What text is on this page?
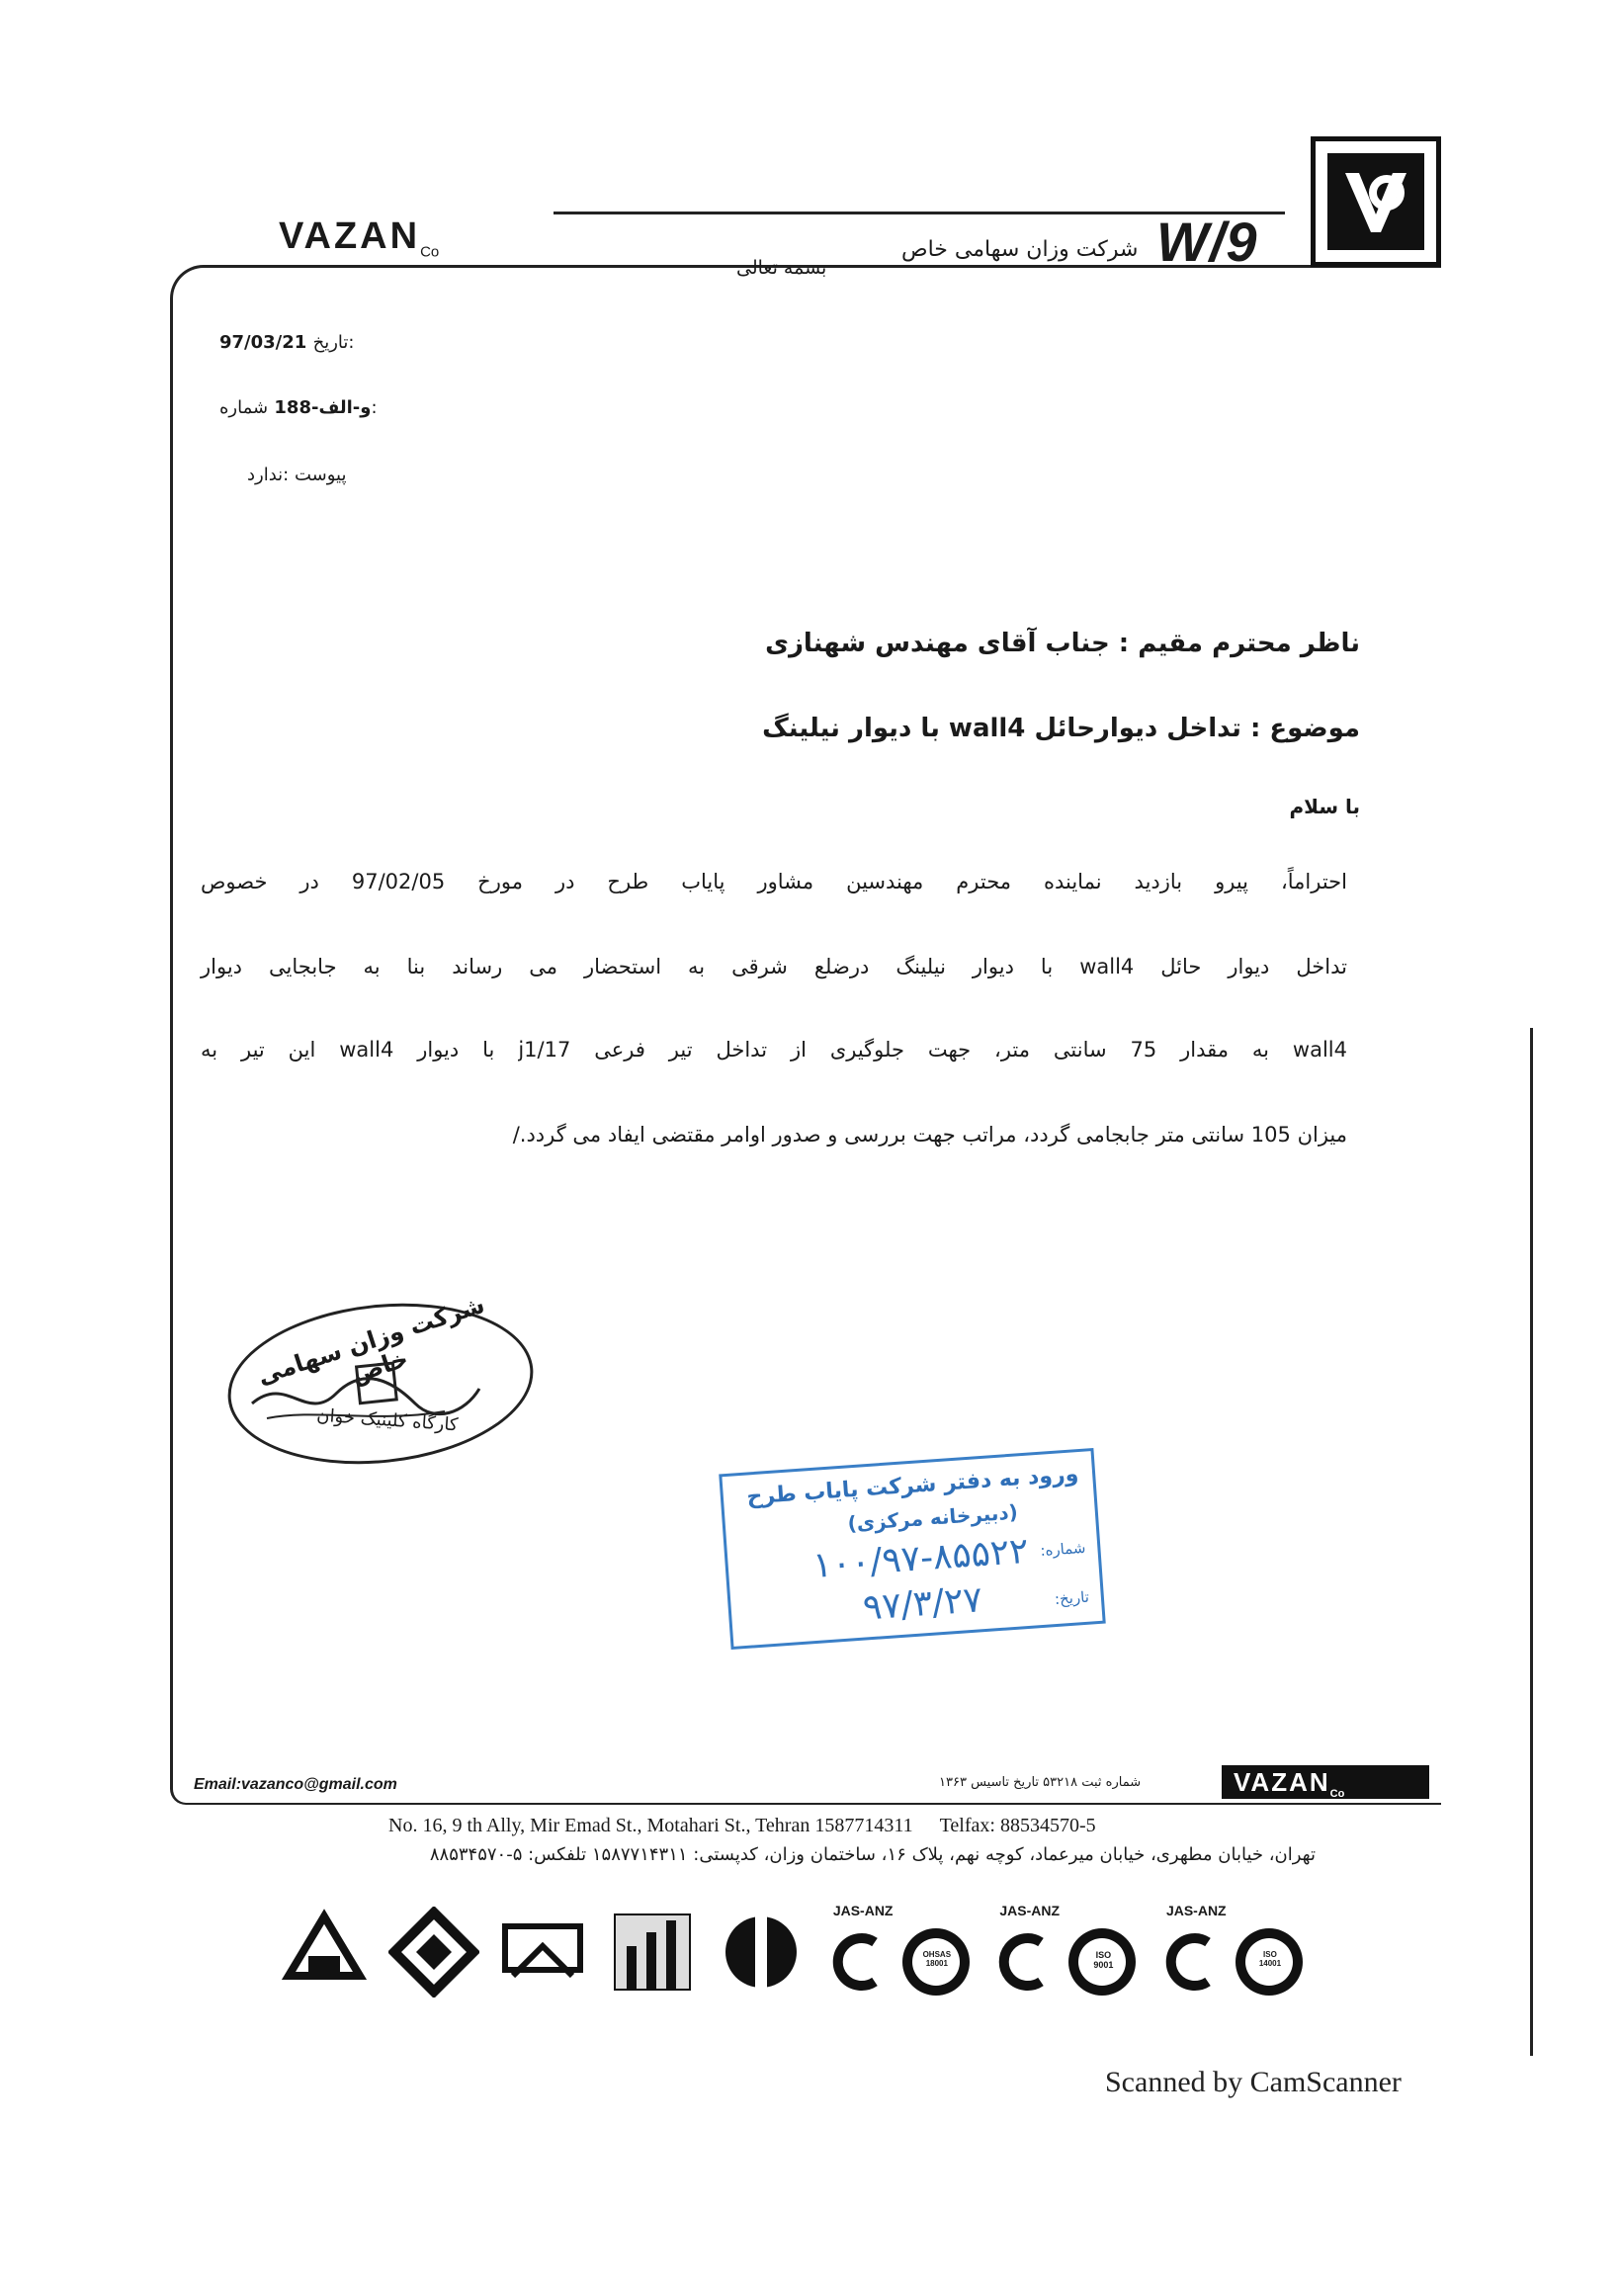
$VAZAN_{Co}$	شرکت وزان سهامی خاص W/9
بسمه تعالی
97/03/21 تاریخ:
و-الف-188 شماره:
پیوست :ندارد
ناظر محترم مقیم : جناب آقای مهندس شهنازی
موضوع : تداخل دیوارحائل wall4 با دیوار نیلینگ
با سلام
احتراماً، پیرو بازدید نماینده محترم مهندسین مشاور پایاب طرح در مورخ 97/02/05 در خصوص
تداخل دیوار حائل wall4 با دیوار نیلینگ درضلع شرقی به استحضار می رساند بنا به جابجایی دیوار
wall4 به مقدار 75 سانتی متر، جهت جلوگیری از تداخل تیر فرعی j1/17 با دیوار wall4 این تیر به
میزان 105 سانتی متر جابجامی گردد، مراتب جهت بررسی و صدور اوامر مقتضی ایفاد می گردد./
شرکت وزان سهامی خاص
کارگاه کلینیک خوان
ورود به دفتر شرکت پایاب طرح
(دبیرخانه مرکزی)
شماره:
۱۰۰/۹۷-۸۵۵۲۲
تاریخ:
۹۷/۳/۲۷
Email:vazanco@gmail.com	شماره ثبت ۵۳۲۱۸ تاریخ تاسیس ۱۳۶۳	$VAZAN_{Co}$
No. 16, 9 th Ally, Mir Emad St., Motahari St., Tehran 1587714311 Telfax: 88534570-5
تهران، خیابان مطهری، خیابان میرعماد، کوچه نهم، پلاک ۱۶، ساختمان وزان، کدپستی: ۱۵۸۷۷۱۴۳۱۱ تلفکس: ۵-۸۸۵۳۴۵۷۰
JAS-ANZ
OHSAS 18001
JAS-ANZ
ISO 9001
JAS-ANZ
ISO 14001
Scanned by CamScanner
